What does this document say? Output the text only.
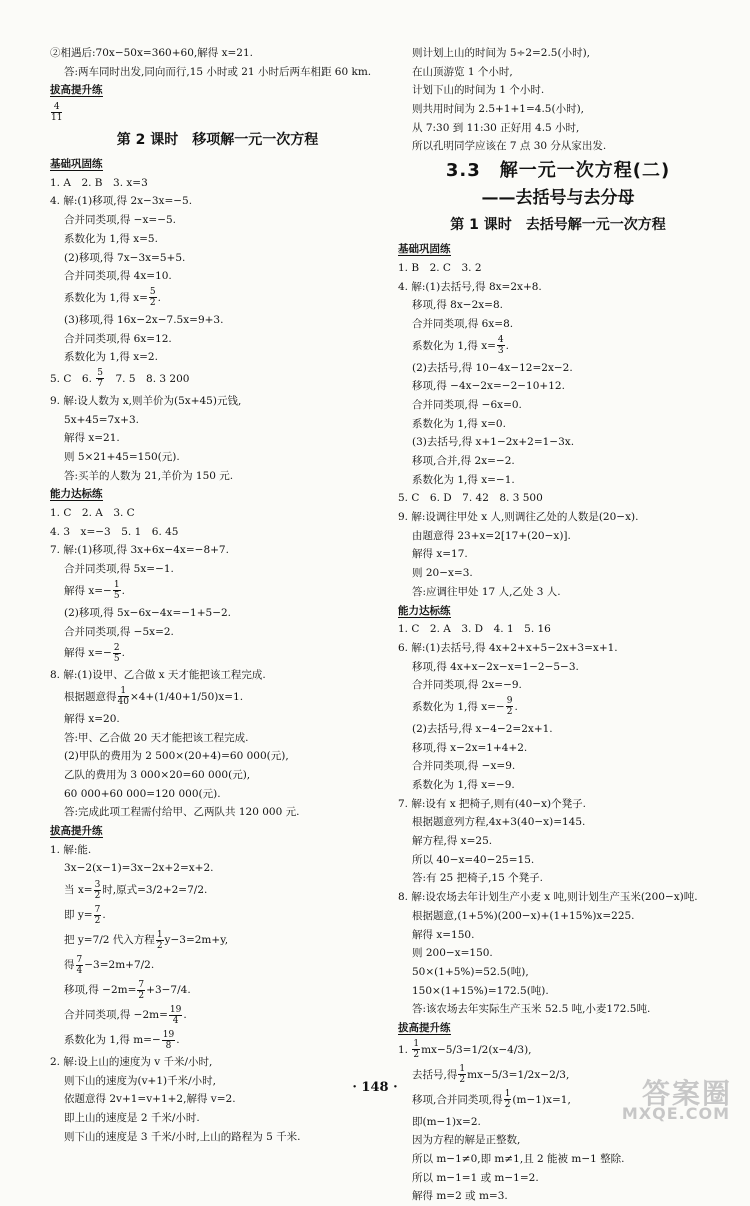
②相遇后:70x−50x=360+60,解得 x=21.
答:两车同时出发,同向而行,15 小时或 21 小时后两车相距 60 km.
拔高提升练
$\frac{4}{11}$
第 2 课时　移项解一元一次方程
基础巩固练
1. A　2. B　3. x=3
4. 解:(1)移项,得 2x−3x=−5.
合并同类项,得 −x=−5.
系数化为 1,得 x=5.
(2)移项,得 7x−3x=5+5.
合并同类项,得 4x=10.
系数化为 1,得 $x= \frac{5}{2}$ .
(3)移项,得 16x−2x−7.5x=9+3.
合并同类项,得 6x=12.
系数化为 1,得 x=2.
5. C　6. $\frac{5}{7}$ 　7. 5　8. 3 200
9. 解:设人数为 x,则羊价为(5x+45)元钱,
5x+45=7x+3.
解得 x=21.
则 5×21+45=150(元).
答:买羊的人数为 21,羊价为 150 元.
能力达标练
1. C　2. A　3. C
4. 3　x=−3　5. 1　6. 45
7. 解:(1)移项,得 3x+6x−4x=−8+7.
合并同类项,得 5x=−1.
解得 $x=- \frac{1}{5}$ .
(2)移项,得 5x−6x−4x=−1+5−2.
合并同类项,得 −5x=2.
解得 $x=- \frac{2}{5}$ .
8. 解:(1)设甲、乙合做 x 天才能把该工程完成.
根据题意得 $\frac{1}{40} \times 4+(1/40+1/50)x=1$.
解得 x=20.
答:甲、乙合做 20 天才能把该工程完成.
(2)甲队的费用为 2 500×(20+4)=60 000(元),
乙队的费用为 3 000×20=60 000(元),
60 000+60 000=120 000(元).
答:完成此项工程需付给甲、乙两队共 120 000 元.
拔高提升练
1. 解:能.
3x−2(x−1)=3x−2x+2=x+2.
当 $x= \frac{3}{2}$ 时,原式=3/2+2=7/2.
即 $y= \frac{7}{2}$ .
把 y=7/2 代入方程 $\frac{1}{2} y-3=2m+y$,
得 $\frac{7}{4} -3=2m+7/2$.
移项,得 $-2m= \frac{7}{2} +3-7/4$.
合并同类项,得 $-2m= \frac{19}{4}$ .
系数化为 1,得 $m=- \frac{19}{8}$ .
2. 解:设上山的速度为 v 千米/小时,
则下山的速度为(v+1)千米/小时,
依题意得 2v+1=v+1+2,解得 v=2.
即上山的速度是 2 千米/小时.
则下山的速度是 3 千米/小时,上山的路程为 5 千米.
则计划上山的时间为 5÷2=2.5(小时),
在山顶游览 1 个小时,
计划下山的时间为 1 个小时.
则共用时间为 2.5+1+1=4.5(小时),
从 7:30 到 11:30 正好用 4.5 小时,
所以孔明同学应该在 7 点 30 分从家出发.
3.3　解一元一次方程(二)
——去括号与去分母
第 1 课时　去括号解一元一次方程
基础巩固练
1. B　2. C　3. 2
4. 解:(1)去括号,得 8x=2x+8.
移项,得 8x−2x=8.
合并同类项,得 6x=8.
系数化为 1,得 $x= \frac{4}{3}$ .
(2)去括号,得 10−4x−12=2x−2.
移项,得 −4x−2x=−2−10+12.
合并同类项,得 −6x=0.
系数化为 1,得 x=0.
(3)去括号,得 x+1−2x+2=1−3x.
移项,合并,得 2x=−2.
系数化为 1,得 x=−1.
5. C　6. D　7. 42　8. 3 500
9. 解:设调往甲处 x 人,则调往乙处的人数是(20−x).
由题意得 23+x=2[17+(20−x)].
解得 x=17.
则 20−x=3.
答:应调往甲处 17 人,乙处 3 人.
能力达标练
1. C　2. A　3. D　4. 1　5. 16
6. 解:(1)去括号,得 4x+2+x+5−2x+3=x+1.
移项,得 4x+x−2x−x=1−2−5−3.
合并同类项,得 2x=−9.
系数化为 1,得 $x=- \frac{9}{2}$ .
(2)去括号,得 x−4−2=2x+1.
移项,得 x−2x=1+4+2.
合并同类项,得 −x=9.
系数化为 1,得 x=−9.
7. 解:设有 x 把椅子,则有(40−x)个凳子.
根据题意列方程,4x+3(40−x)=145.
解方程,得 x=25.
所以 40−x=40−25=15.
答:有 25 把椅子,15 个凳子.
8. 解:设农场去年计划生产小麦 x 吨,则计划生产玉米(200−x)吨.
根据题意,(1+5%)(200−x)+(1+15%)x=225.
解得 x=150.
则 200−x=150.
50×(1+5%)=52.5(吨),
150×(1+15%)=172.5(吨).
答:该农场去年实际生产玉米 52.5 吨,小麦172.5吨.
拔高提升练
1. $\frac{1}{2} mx-5/3=1/2(x-4/3)$,
去括号,得 $\frac{1}{2} mx-5/3=1/2x-2/3$,
移项,合并同类项,得 $\frac{1}{2} (m-1)x=1$,
即(m−1)x=2.
因为方程的解是正整数,
所以 m−1≠0,即 m≠1,且 2 能被 m−1 整除.
所以 m−1=1 或 m−1=2.
解得 m=2 或 m=3.
· 148 ·	答案圈
MXQE.COM
